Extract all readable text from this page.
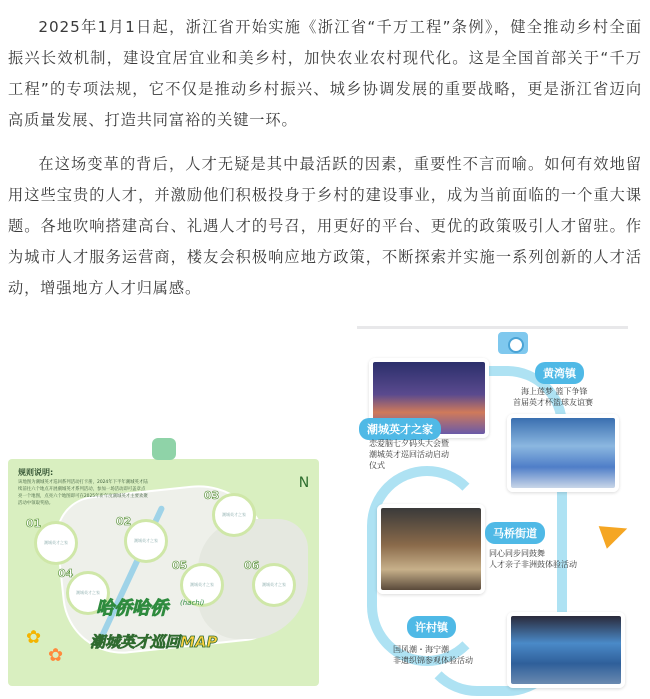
2025年1月1日起，浙江省开始实施《浙江省“千万工程”条例》，健全推动乡村全面振兴长效机制，建设宜居宜业和美乡村，加快农业农村现代化。这是全国首部关于“千万工程”的专项法规，它不仅是推动乡村振兴、城乡协调发展的重要战略，更是浙江省迈向高质量发展、打造共同富裕的关键一环。

在这场变革的背后，人才无疑是其中最活跃的因素，重要性不言而喻。如何有效地留用这些宝贵的人才，并激励他们积极投身于乡村的建设事业，成为当前面临的一个重大课题。各地吹响搭建高台、礼遇人才的号召，用更好的平台、更优的政策吸引人才留驻。作为城市人才服务运营商，楼友会积极响应地方政策，不断探索并实施一系列创新的人才活动，增强地方人才归属感。

规则说明:
该地图为潮城英才巡回系列活动打卡册，2024年下半年潮城英才陆续前往六个地点开展潮城英才系列活动，参加一场活动即可盖章点亮一个地图，点亮六个地图即可在2025年新年度潮城英才主要欢聚活动中领取奖励。
N
潮城英才之家
01
潮城英才之家
02
潮城英才之家
03
潮城英才之家
04
潮城英才之家
05
潮城英才之家
06
哈侨哈侨 (hachi)
潮城英才巡回MAP
✿
✿
黄湾镇
海上莲梦 篮下争锋
首届英才杯篮球友谊赛
潮城英才之家
恋爱脑七夕码头大会暨
潮城英才巡回活动启动
仪式
马桥街道
同心同步同鼓舞
人才亲子非洲鼓体验活动
许村镇
国风潮・海宁潮
非遗织锦参观体验活动
